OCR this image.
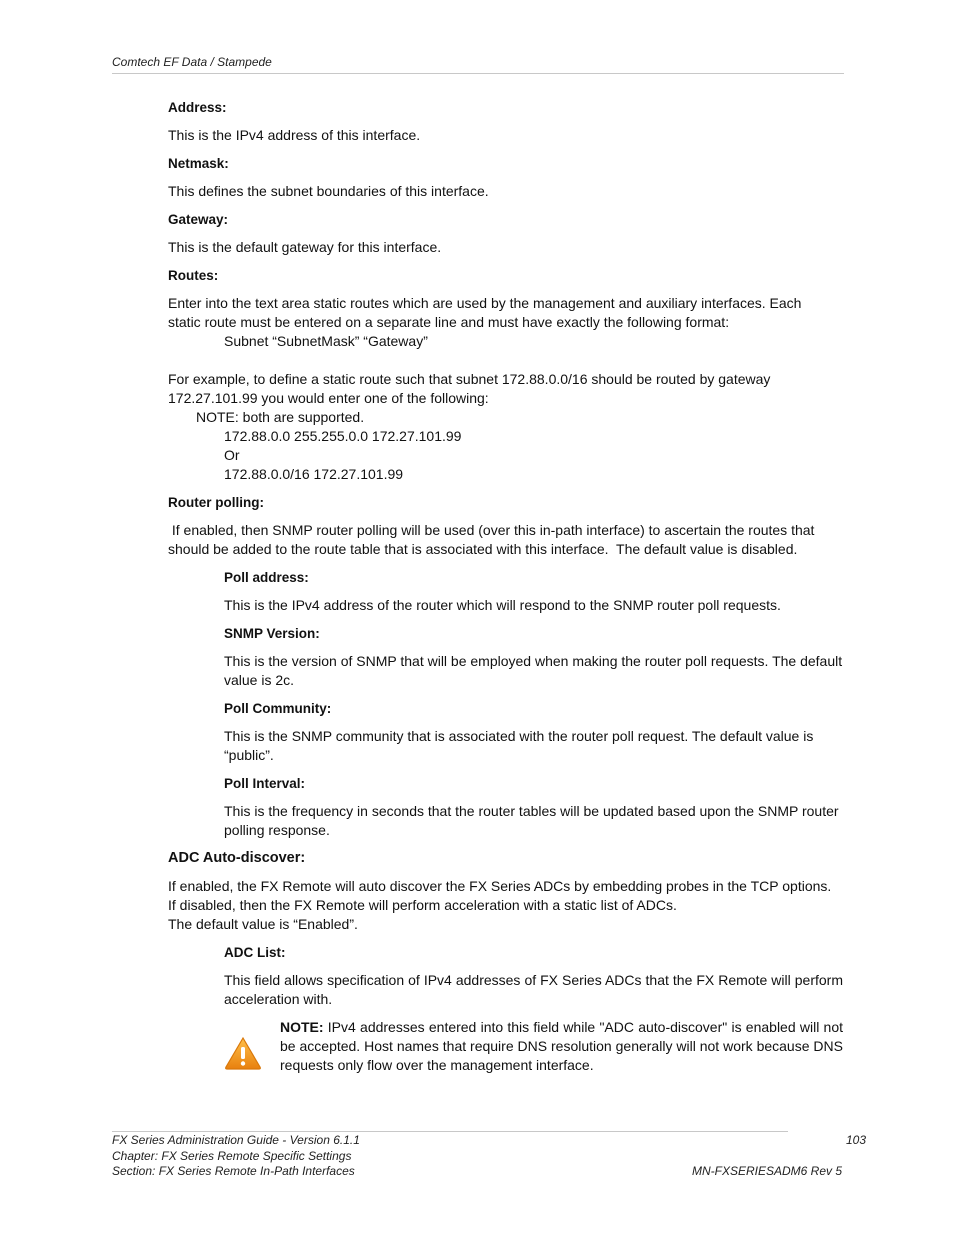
Comtech EF Data / Stampede
Address:
This is the IPv4 address of this interface.
Netmask:
This defines the subnet boundaries of this interface.
Gateway:
This is the default gateway for this interface.
Routes:
Enter into the text area static routes which are used by the management and auxiliary interfaces. Each
static route must be entered on a separate line and must have exactly the following format:
Subnet “SubnetMask” “Gateway”
For example, to define a static route such that subnet 172.88.0.0/16 should be routed by gateway
172.27.101.99 you would enter one of the following:
NOTE: both are supported.
172.88.0.0 255.255.0.0 172.27.101.99
Or
172.88.0.0/16 172.27.101.99
Router polling:
If enabled, then SNMP router polling will be used (over this in-path interface) to ascertain the routes that should be added to the route table that is associated with this interface.  The default value is disabled.
Poll address:
This is the IPv4 address of the router which will respond to the SNMP router poll requests.
SNMP Version:
This is the version of SNMP that will be employed when making the router poll requests. The default value is 2c.
Poll Community:
This is the SNMP community that is associated with the router poll request. The default value is “public”.
Poll Interval:
This is the frequency in seconds that the router tables will be updated based upon the SNMP router polling response.
ADC Auto-discover:
If enabled, the FX Remote will auto discover the FX Series ADCs by embedding probes in the TCP options.
If disabled, then the FX Remote will perform acceleration with a static list of ADCs.
The default value is “Enabled”.
ADC List:
This field allows specification of IPv4 addresses of FX Series ADCs that the FX Remote will perform acceleration with.
NOTE: IPv4 addresses entered into this field while "ADC auto-discover" is enabled will not be accepted. Host names that require DNS resolution generally will not work because DNS requests only flow over the management interface.
FX Series Administration Guide - Version 6.1.1	103
Chapter: FX Series Remote Specific Settings
Section: FX Series Remote In-Path Interfaces	MN-FXSERIESADM6 Rev 5
